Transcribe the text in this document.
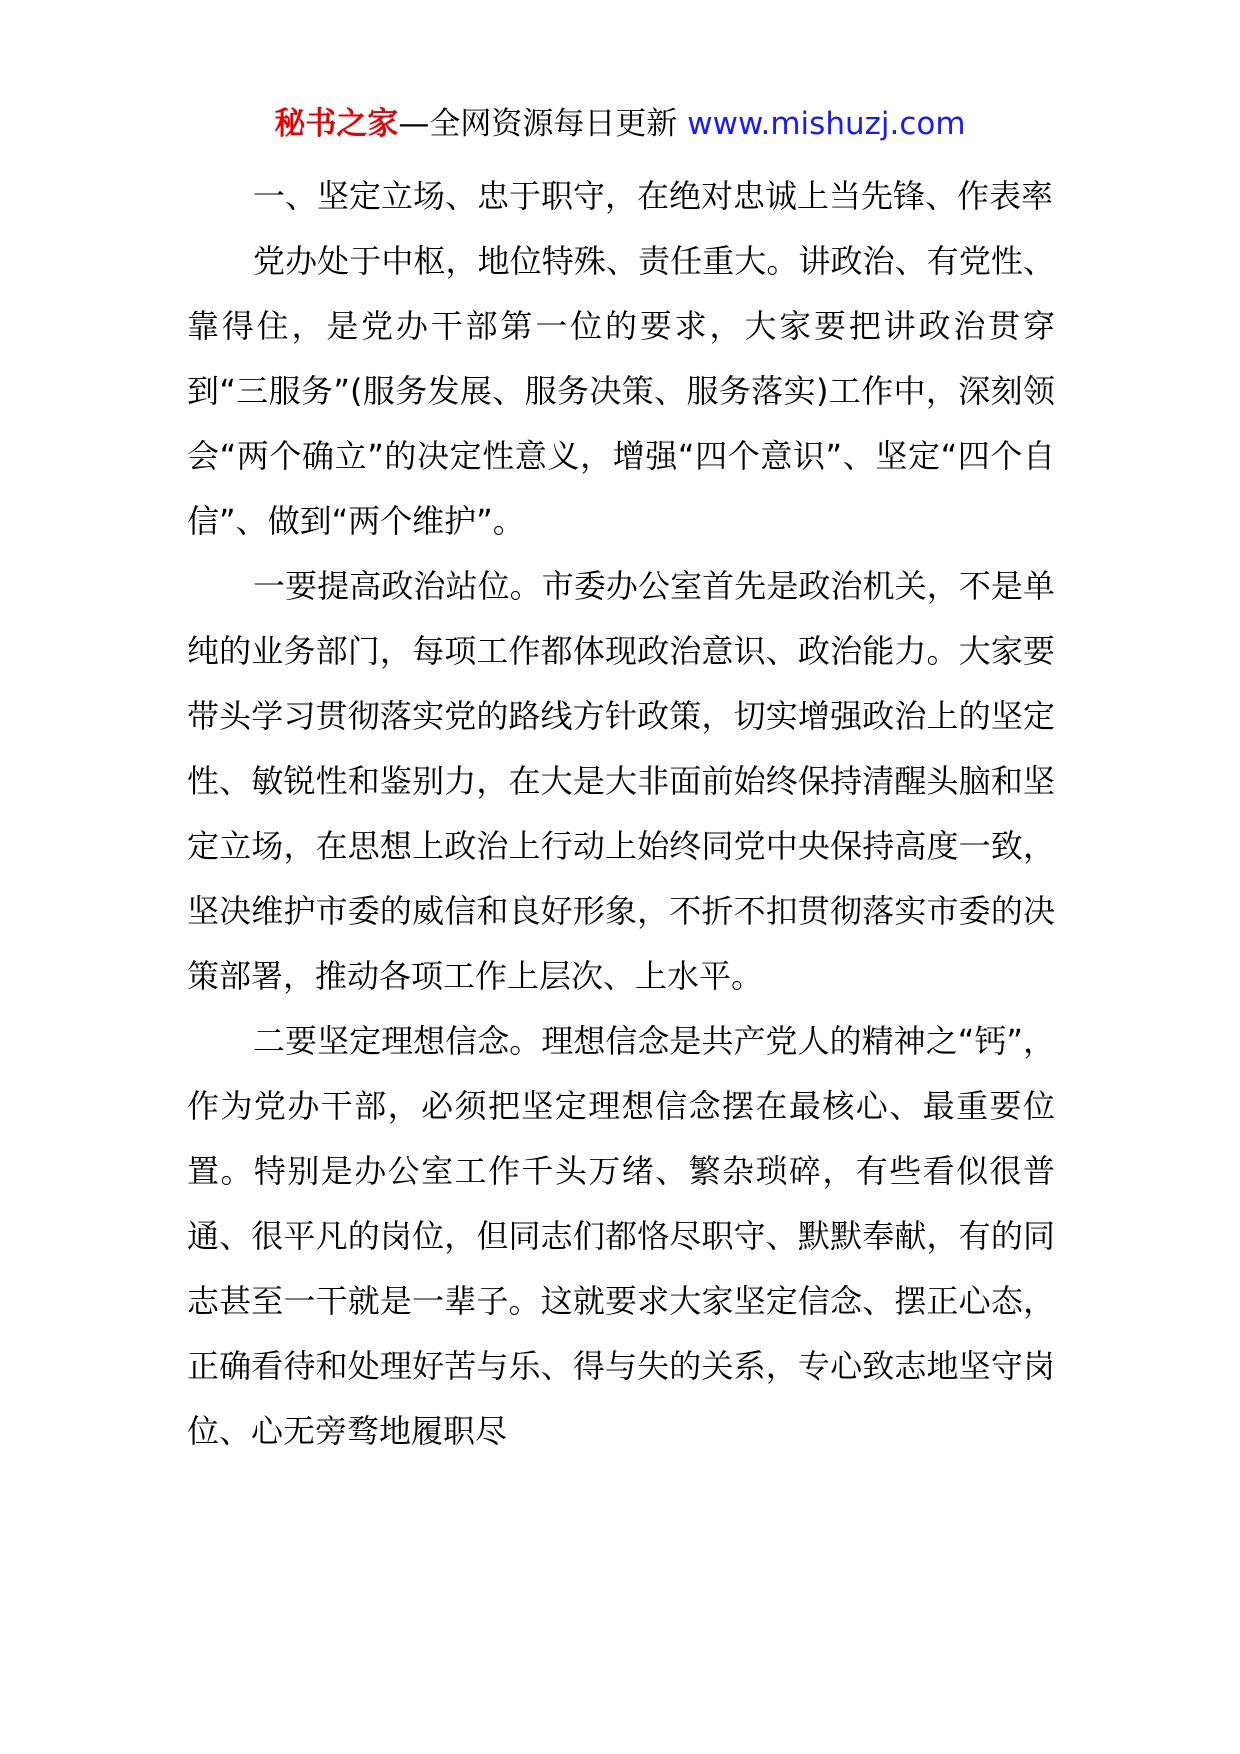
秘书之家—全网资源每日更新 www.mishuzj.com

一、坚定立场、忠于职守，在绝对忠诚上当先锋、作表率

党办处于中枢，地位特殊、责任重大。讲政治、有党性、靠得住，是党办干部第一位的要求，大家要把讲政治贯穿到“三服务”(服务发展、服务决策、服务落实)工作中，深刻领会“两个确立”的决定性意义，增强“四个意识”、坚定“四个自信”、做到“两个维护”。

一要提高政治站位。市委办公室首先是政治机关，不是单纯的业务部门，每项工作都体现政治意识、政治能力。大家要带头学习贯彻落实党的路线方针政策，切实增强政治上的坚定性、敏锐性和鉴别力，在大是大非面前始终保持清醒头脑和坚定立场，在思想上政治上行动上始终同党中央保持高度一致，坚决维护市委的威信和良好形象，不折不扣贯彻落实市委的决策部署，推动各项工作上层次、上水平。

二要坚定理想信念。理想信念是共产党人的精神之“钙”，作为党办干部，必须把坚定理想信念摆在最核心、最重要位置。特别是办公室工作千头万绪、繁杂琐碎，有些看似很普通、很平凡的岗位，但同志们都恪尽职守、默默奉献，有的同志甚至一干就是一辈子。这就要求大家坚定信念、摆正心态，正确看待和处理好苦与乐、得与失的关系，专心致志地坚守岗位、心无旁骛地履职尽
